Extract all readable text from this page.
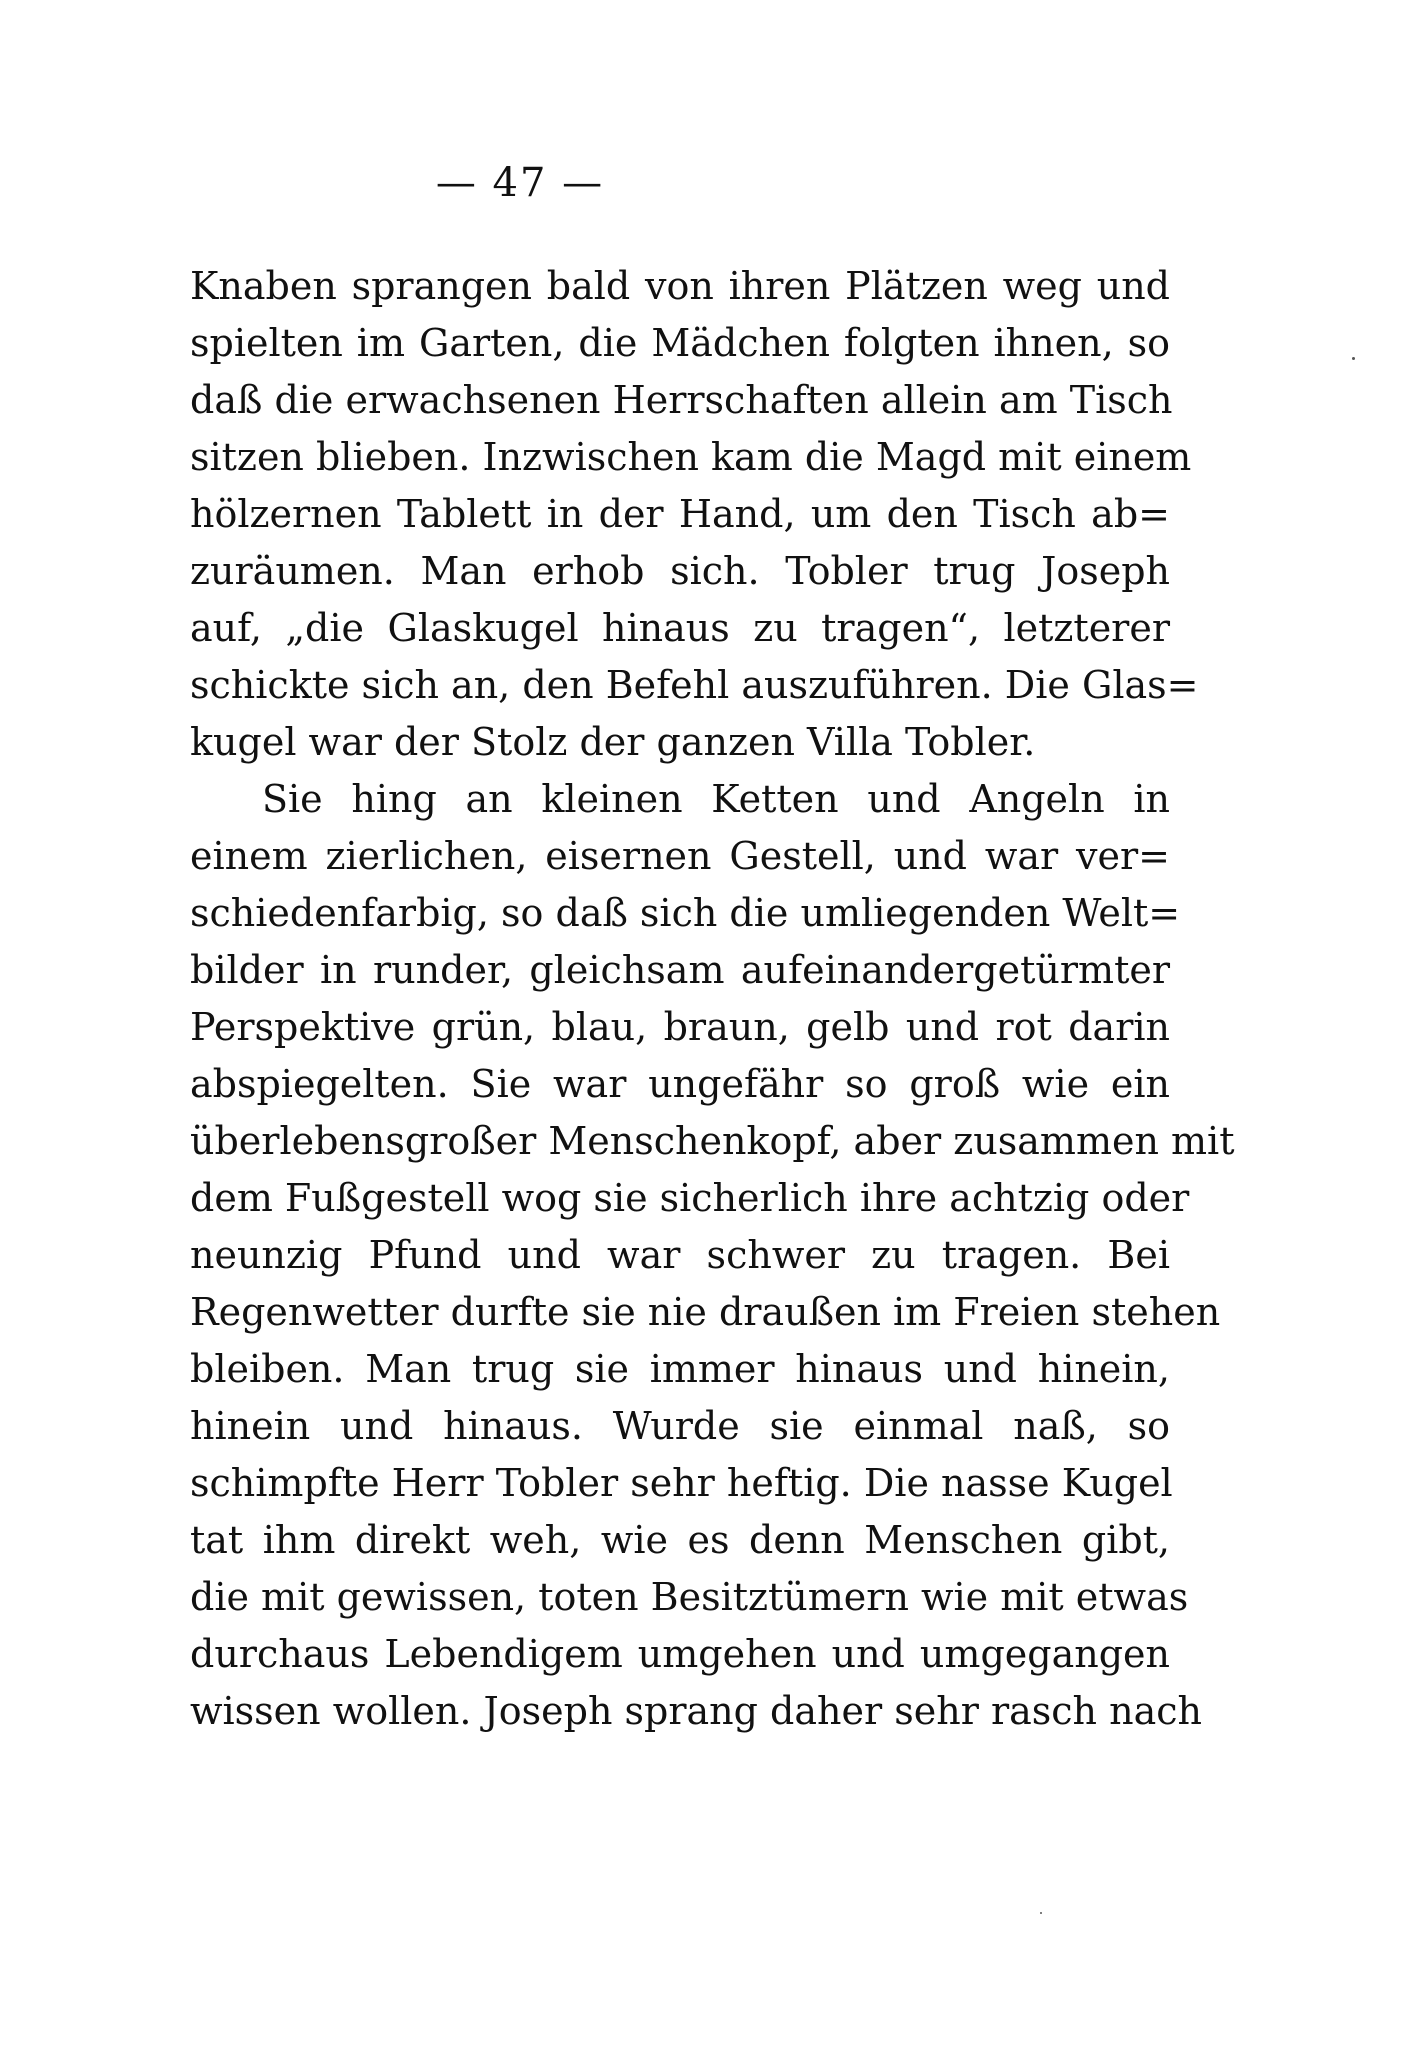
— 47 —
Knaben sprangen bald von ihren Plätzen weg und
spielten im Garten, die Mädchen folgten ihnen, so
daß die erwachsenen Herrschaften allein am Tisch
sitzen blieben. Inzwischen kam die Magd mit einem
hölzernen Tablett in der Hand, um den Tisch ab=
zuräumen. Man erhob sich. Tobler trug Joseph
auf, „die Glaskugel hinaus zu tragen“, letzterer
schickte sich an, den Befehl auszuführen. Die Glas=
kugel war der Stolz der ganzen Villa Tobler.
Sie hing an kleinen Ketten und Angeln in
einem zierlichen, eisernen Gestell, und war ver=
schiedenfarbig, so daß sich die umliegenden Welt=
bilder in runder, gleichsam aufeinandergetürmter
Perspektive grün, blau, braun, gelb und rot darin
abspiegelten. Sie war ungefähr so groß wie ein
überlebensgroßer Menschenkopf, aber zusammen mit
dem Fußgestell wog sie sicherlich ihre achtzig oder
neunzig Pfund und war schwer zu tragen. Bei
Regenwetter durfte sie nie draußen im Freien stehen
bleiben. Man trug sie immer hinaus und hinein,
hinein und hinaus. Wurde sie einmal naß, so
schimpfte Herr Tobler sehr heftig. Die nasse Kugel
tat ihm direkt weh, wie es denn Menschen gibt,
die mit gewissen, toten Besitztümern wie mit etwas
durchaus Lebendigem umgehen und umgegangen
wissen wollen. Joseph sprang daher sehr rasch nach
